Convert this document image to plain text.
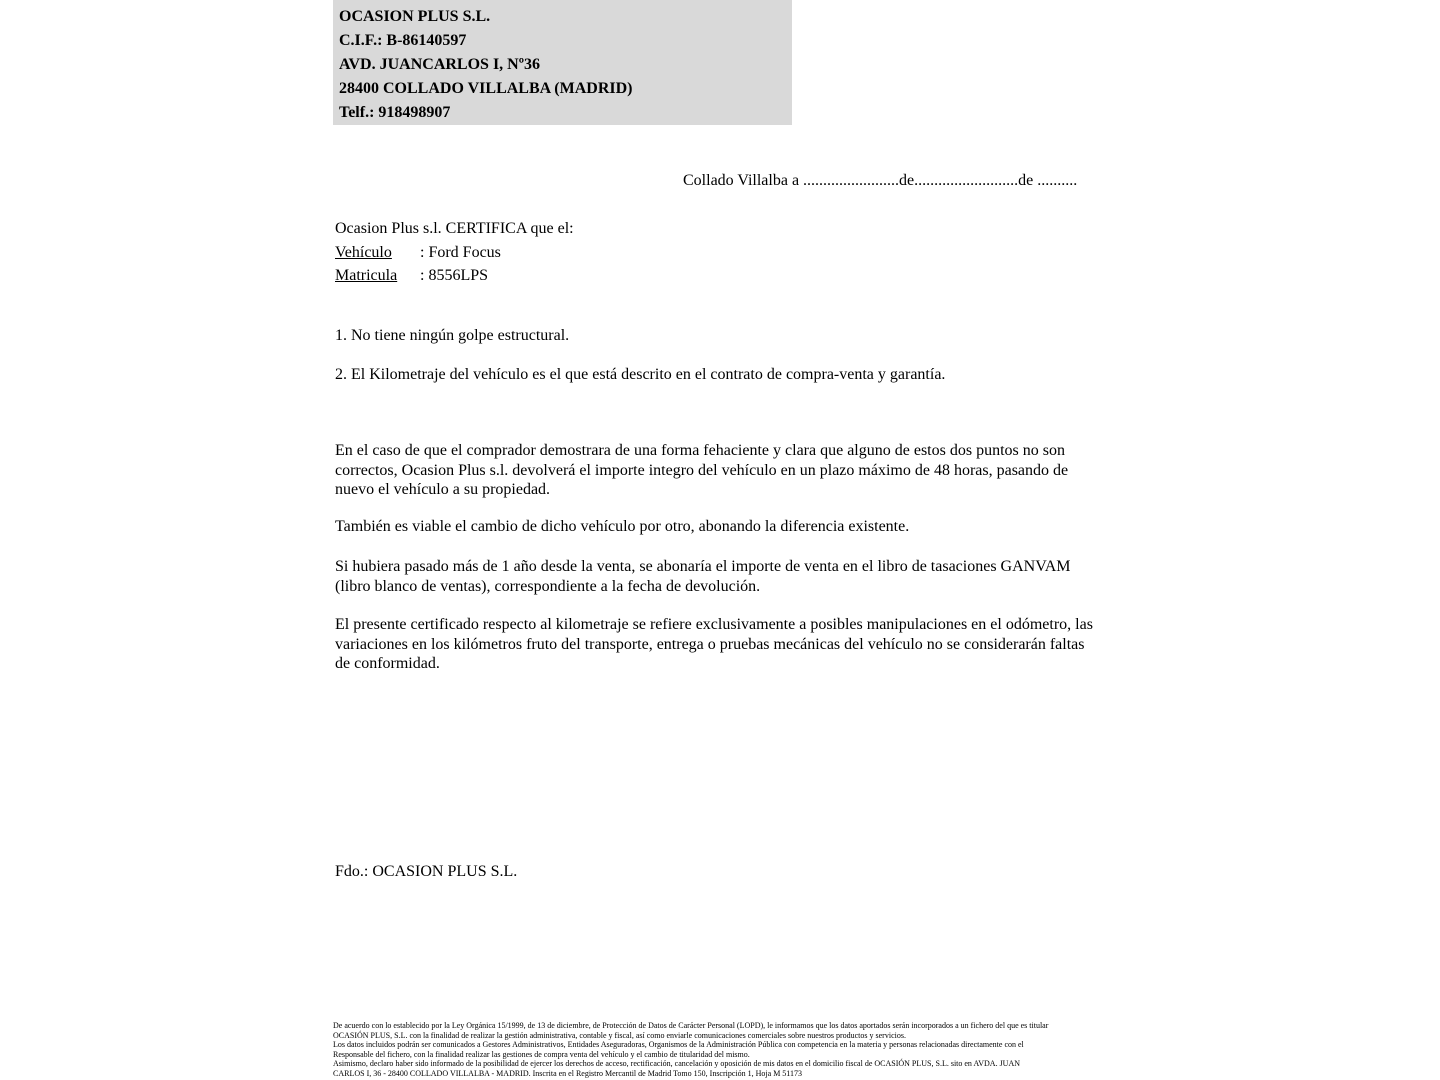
OCASION PLUS S.L.
C.I.F.: B-86140597
AVD. JUANCARLOS I, Nº36
28400 COLLADO VILLALBA (MADRID)
Telf.: 918498907
Collado Villalba a ........................de..........................de ..........
Ocasion Plus s.l. CERTIFICA que el:
Vehículo : Ford Focus
Matricula : 8556LPS
1. No tiene ningún golpe estructural.
2. El Kilometraje del vehículo es el que está descrito en el contrato de compra-venta y garantía.
En el caso de que el comprador demostrara de una forma fehaciente y clara que alguno de estos dos puntos no son correctos, Ocasion Plus s.l. devolverá el importe integro del vehículo en un plazo máximo de 48 horas, pasando de nuevo el vehículo a su propiedad.
También es viable el cambio de dicho vehículo por otro, abonando la diferencia existente.
Si hubiera pasado más de 1 año desde la venta, se abonaría el importe de venta en el libro de tasaciones GANVAM (libro blanco de ventas), correspondiente a la fecha de devolución.
El presente certificado respecto al kilometraje se refiere exclusivamente a posibles manipulaciones en el odómetro, las variaciones en los kilómetros fruto del transporte, entrega o pruebas mecánicas del vehículo no se considerarán faltas de conformidad.
Fdo.: OCASION PLUS S.L.
De acuerdo con lo establecido por la Ley Orgánica 15/1999, de 13 de diciembre, de Protección de Datos de Carácter Personal (LOPD), le informamos que los datos aportados serán incorporados a un fichero del que es titular
OCASIÓN PLUS, S.L. con la finalidad de realizar la gestión administrativa, contable y fiscal, así como enviarle comunicaciones comerciales sobre nuestros productos y servicios.
Los datos incluidos podrán ser comunicados a Gestores Administrativos, Entidades Aseguradoras, Organismos de la Administración Pública con competencia en la materia y personas relacionadas directamente con el
Responsable del fichero, con la finalidad realizar las gestiones de compra venta del vehículo y el cambio de titularidad del mismo.
Asimismo, declaro haber sido informado de la posibilidad de ejercer los derechos de acceso, rectificación, cancelación y oposición de mis datos en el domicilio fiscal de OCASIÓN PLUS, S.L. sito en AVDA. JUAN
CARLOS I, 36 - 28400 COLLADO VILLALBA - MADRID. Inscrita en el Registro Mercantil de Madrid Tomo 150, Inscripción 1, Hoja M 51173
